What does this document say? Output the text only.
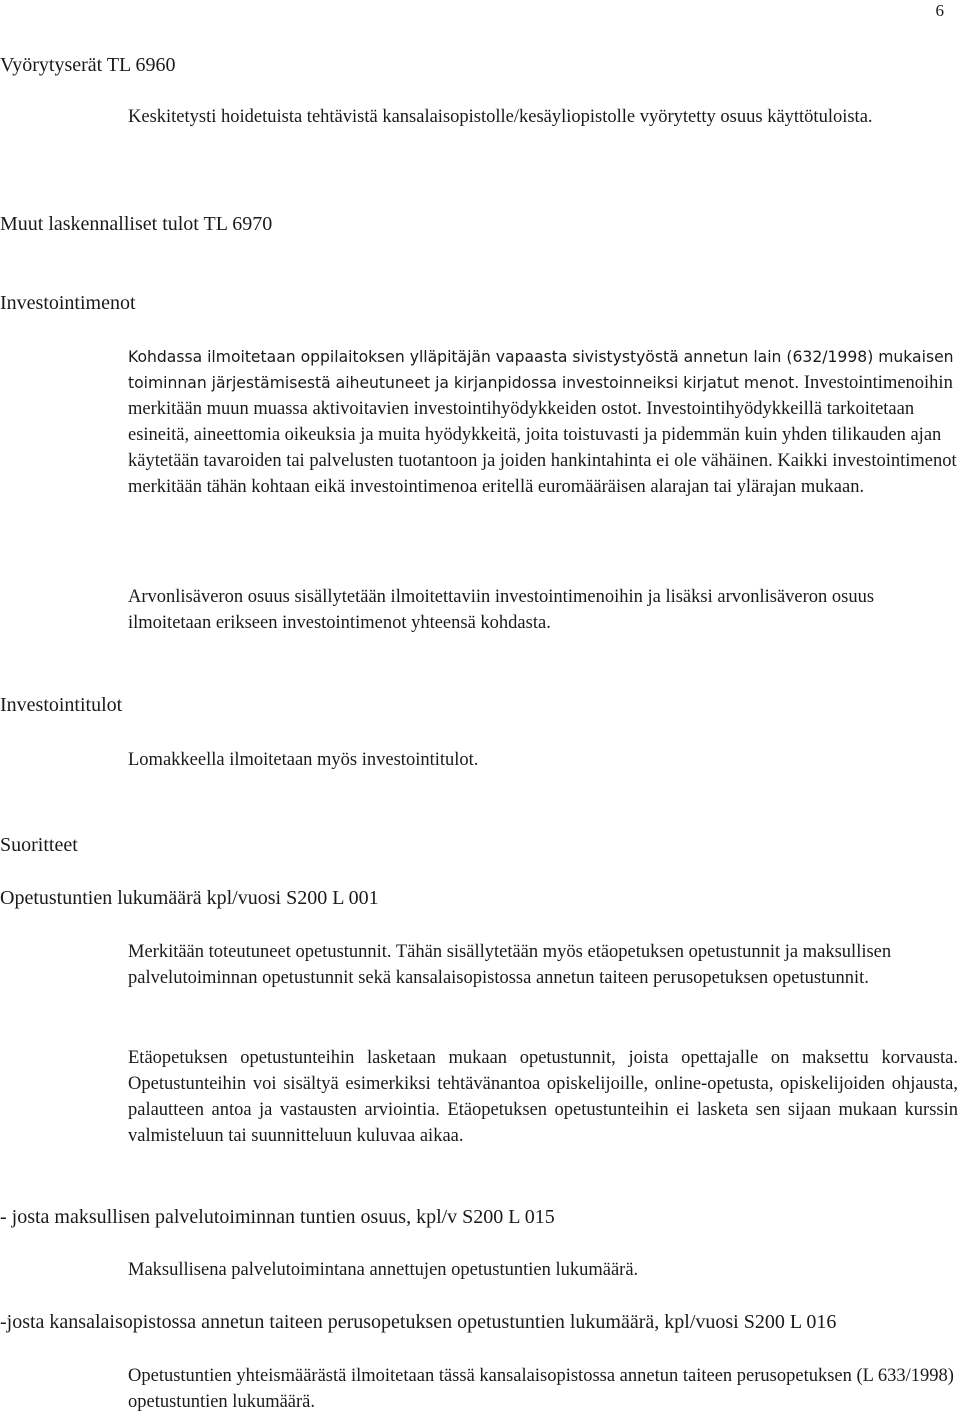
6
Vyörytyserät TL 6960

Keskitetysti hoidetuista tehtävistä kansalaisopistolle/kesäyliopistolle vyörytetty osuus käyttötuloista.

Muut laskennalliset tulot TL 6970
Investointimenot

Kohdassa ilmoitetaan oppilaitoksen ylläpitäjän vapaasta sivistystyöstä annetun lain (632/1998) mukaisen toiminnan järjestämisestä aiheutuneet ja kirjanpidossa investoinneiksi kirjatut menot. Investointimenoihin merkitään muun muassa aktivoitavien investointihyödykkeiden ostot. Investointihyödykkeillä tarkoitetaan esineitä, aineettomia oikeuksia ja muita hyödykkeitä, joita toistuvasti ja pidemmän kuin yhden tilikauden ajan käytetään tavaroiden tai palvelusten tuotantoon ja joiden hankintahinta ei ole vähäinen. Kaikki investointimenot merkitään tähän kohtaan eikä investointimenoa eritellä euromääräisen alarajan tai ylärajan mukaan.

Arvonlisäveron osuus sisällytetään ilmoitettaviin investointimenoihin ja lisäksi arvonlisäveron osuus ilmoitetaan erikseen investointimenot yhteensä kohdasta.

Investointitulot

Lomakkeella ilmoitetaan myös investointitulot.

Suoritteet
Opetustuntien lukumäärä kpl/vuosi S200 L 001

Merkitään toteutuneet opetustunnit. Tähän sisällytetään myös etäopetuksen opetustunnit ja maksullisen palvelutoiminnan opetustunnit sekä kansalaisopistossa annetun taiteen perusopetuksen opetustunnit.

Etäopetuksen opetustunteihin lasketaan mukaan opetustunnit, joista opettajalle on maksettu korvausta. Opetustunteihin voi sisältyä esimerkiksi tehtävänantoa opiskelijoille, online-opetusta, opiskelijoiden ohjausta, palautteen antoa ja vastausten arviointia. Etäopetuksen opetustunteihin ei lasketa sen sijaan mukaan kurssin valmisteluun tai suunnitteluun kuluvaa aikaa.

- josta maksullisen palvelutoiminnan tuntien osuus, kpl/v S200 L 015

Maksullisena palvelutoimintana annettujen opetustuntien lukumäärä.

-josta kansalaisopistossa annetun taiteen perusopetuksen opetustuntien lukumäärä, kpl/vuosi S200 L 016

Opetustuntien yhteismäärästä ilmoitetaan tässä kansalaisopistossa annetun taiteen perusopetuksen (L 633/1998) opetustuntien lukumäärä.
